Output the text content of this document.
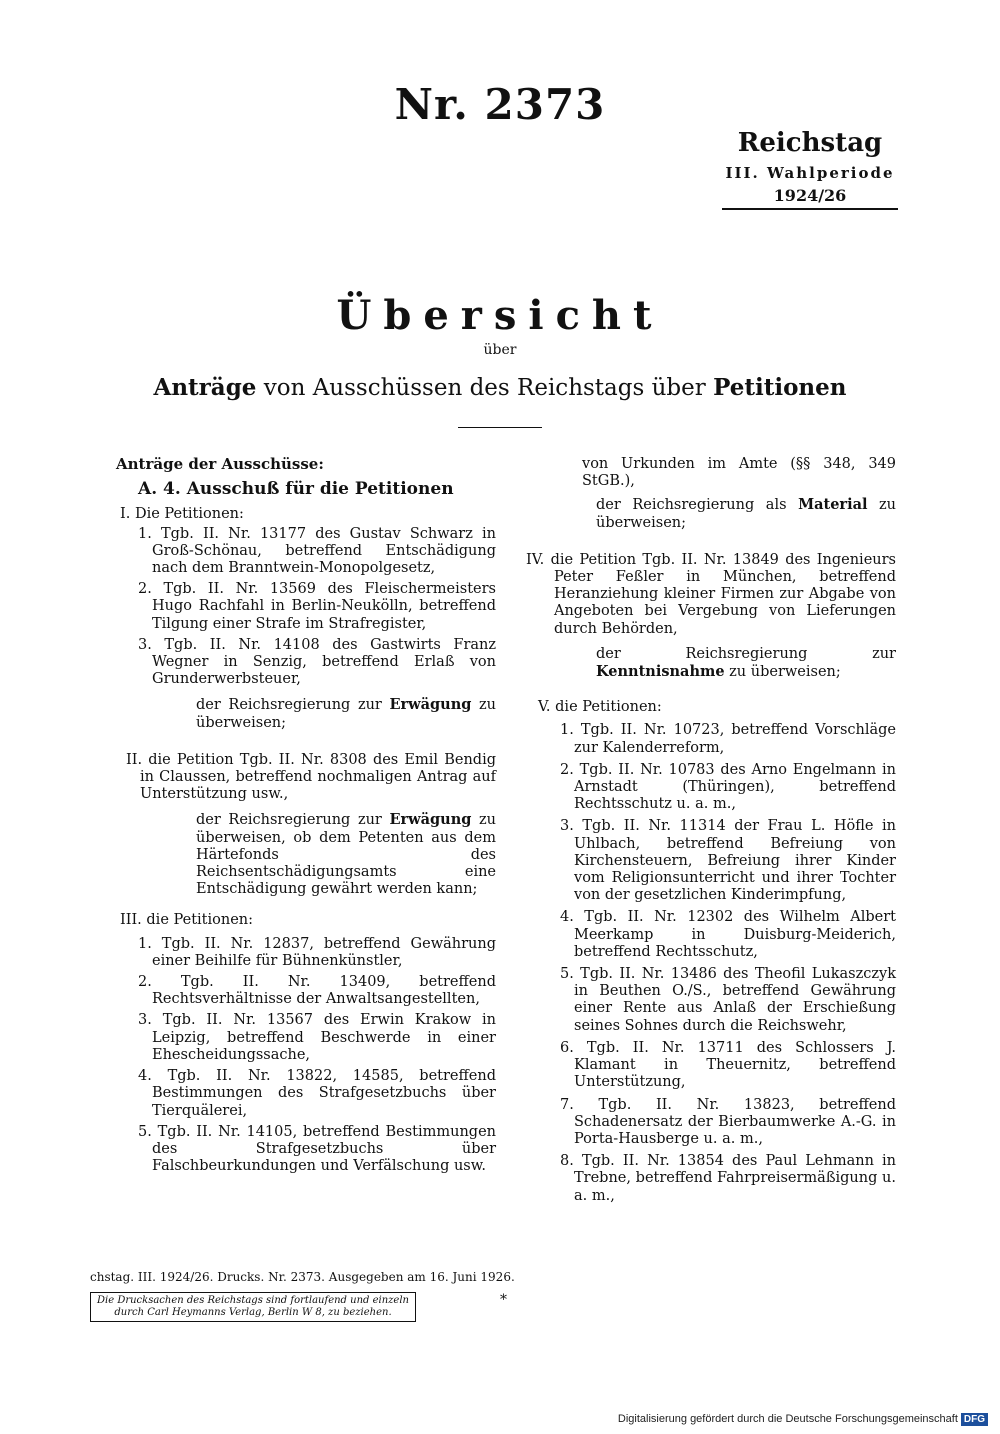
Nr. 2373
Reichstag
III. Wahlperiode
1924/26
Übersicht
über
Anträge von Ausschüssen des Reichstags über Petitionen

Anträge der Ausschüsse:

A. 4. Ausschuß für die Petitionen

I. Die Petitionen:

1. Tgb. II. Nr. 13177 des Gustav Schwarz in Groß-Schönau, betreffend Entschädigung nach dem Branntwein-Monopolgesetz,

2. Tgb. II. Nr. 13569 des Fleischermeisters Hugo Rachfahl in Berlin-Neukölln, betreffend Tilgung einer Strafe im Strafregister,

3. Tgb. II. Nr. 14108 des Gastwirts Franz Wegner in Senzig, betreffend Erlaß von Grunderwerbsteuer,

der Reichsregierung zur Erwägung zu überweisen;

II. die Petition Tgb. II. Nr. 8308 des Emil Bendig in Claussen, betreffend nochmaligen Antrag auf Unterstützung usw.,

der Reichsregierung zur Erwägung zu überweisen, ob dem Petenten aus dem Härtefonds des Reichsentschädigungsamts eine Entschädigung gewährt werden kann;

III. die Petitionen:

1. Tgb. II. Nr. 12837, betreffend Gewährung einer Beihilfe für Bühnenkünstler,

2. Tgb. II. Nr. 13409, betreffend Rechtsverhältnisse der Anwaltsangestellten,

3. Tgb. II. Nr. 13567 des Erwin Krakow in Leipzig, betreffend Beschwerde in einer Ehescheidungssache,

4. Tgb. II. Nr. 13822, 14585, betreffend Bestimmungen des Strafgesetzbuchs über Tierquälerei,

5. Tgb. II. Nr. 14105, betreffend Bestimmungen des Strafgesetzbuchs über Falschbeurkundungen und Verfälschung usw.

von Urkunden im Amte (§§ 348, 349 StGB.),

der Reichsregierung als Material zu überweisen;

IV. die Petition Tgb. II. Nr. 13849 des Ingenieurs Peter Feßler in München, betreffend Heranziehung kleiner Firmen zur Abgabe von Angeboten bei Vergebung von Lieferungen durch Behörden,

der Reichsregierung zur Kenntnisnahme zu überweisen;

V. die Petitionen:

1. Tgb. II. Nr. 10723, betreffend Vorschläge zur Kalenderreform,

2. Tgb. II. Nr. 10783 des Arno Engelmann in Arnstadt (Thüringen), betreffend Rechtsschutz u. a. m.,

3. Tgb. II. Nr. 11314 der Frau L. Höfle in Uhlbach, betreffend Befreiung von Kirchensteuern, Befreiung ihrer Kinder vom Religionsunterricht und ihrer Tochter von der gesetzlichen Kinderimpfung,

4. Tgb. II. Nr. 12302 des Wilhelm Albert Meerkamp in Duisburg-Meiderich, betreffend Rechtsschutz,

5. Tgb. II. Nr. 13486 des Theofil Lukaszczyk in Beuthen O./S., betreffend Gewährung einer Rente aus Anlaß der Erschießung seines Sohnes durch die Reichswehr,

6. Tgb. II. Nr. 13711 des Schlossers J. Klamant in Theuernitz, betreffend Unterstützung,

7. Tgb. II. Nr. 13823, betreffend Schadenersatz der Bierbaumwerke A.-G. in Porta-Hausberge u. a. m.,

8. Tgb. II. Nr. 13854 des Paul Lehmann in Trebne, betreffend Fahrpreisermäßigung u. a. m.,

chstag. III. 1924/26. Drucks. Nr. 2373. Ausgegeben am 16. Juni 1926.
Die Drucksachen des Reichstags sind fortlaufend und einzeln durch Carl Heymanns Verlag, Berlin W 8, zu beziehen.
*
Digitalisierung gefördert durch die Deutsche Forschungsgemeinschaft DFG
